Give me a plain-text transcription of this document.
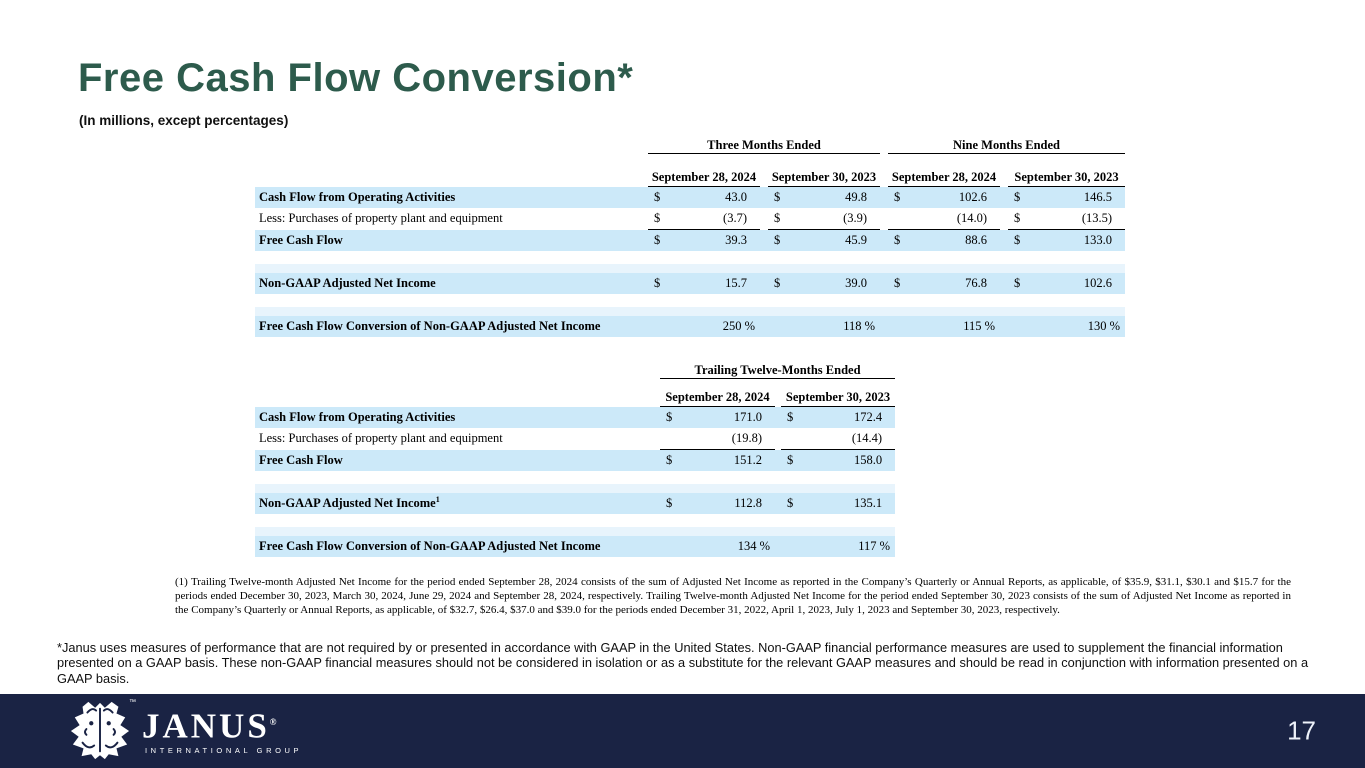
Free Cash Flow Conversion*
(In millions, except percentages)
	Three Months Ended						Nine Months Ended				
	September 28, 2024			September 30, 2023			September 28, 2024			September 30, 2023	
Cash Flow from Operating Activities	$	43.0		$	49.8		$	102.6		$	146.5
Less: Purchases of property plant and equipment	$	(3.7)		$	(3.9)			(14.0)		$	(13.5)
Free Cash Flow	$	39.3		$	45.9		$	88.6		$	133.0

Non-GAAP Adjusted Net Income	$	15.7		$	39.0		$	76.8		$	102.6

Free Cash Flow Conversion of Non-GAAP Adjusted Net Income		250 %			118 %			115 %			130 %
	Trailing Twelve-Months Ended				
	September 28, 2024			September 30, 2023	
Cash Flow from Operating Activities	$	171.0		$	172.4
Less: Purchases of property plant and equipment		(19.8)			(14.4)
Free Cash Flow	$	151.2		$	158.0

Non-GAAP Adjusted Net Income$^1$	$	112.8		$	135.1

Free Cash Flow Conversion of Non-GAAP Adjusted Net Income		134 %			117 %
(1) Trailing Twelve-month Adjusted Net Income for the period ended September 28, 2024 consists of the sum of Adjusted Net Income as reported in the Company’s Quarterly or Annual Reports, as applicable, of $35.9, $31.1, $30.1 and $15.7 for the periods ended December 30, 2023, March 30, 2024, June 29, 2024 and September 28, 2024, respectively. Trailing Twelve-month Adjusted Net Income for the period ended September 30, 2023 consists of the sum of Adjusted Net Income as reported in the Company’s Quarterly or Annual Reports, as applicable, of $32.7, $26.4, $37.0 and $39.0 for the periods ended December 31, 2022, April 1, 2023, July 1, 2023 and September 30, 2023, respectively.
*Janus uses measures of performance that are not required by or presented in accordance with GAAP in the United States. Non-GAAP financial performance measures are used to supplement the financial information presented on a GAAP basis. These non-GAAP financial measures should not be considered in isolation or as a substitute for the relevant GAAP measures and should be read in conjunction with information presented on a GAAP basis.
™
JANUS®
INTERNATIONAL GROUP
17
